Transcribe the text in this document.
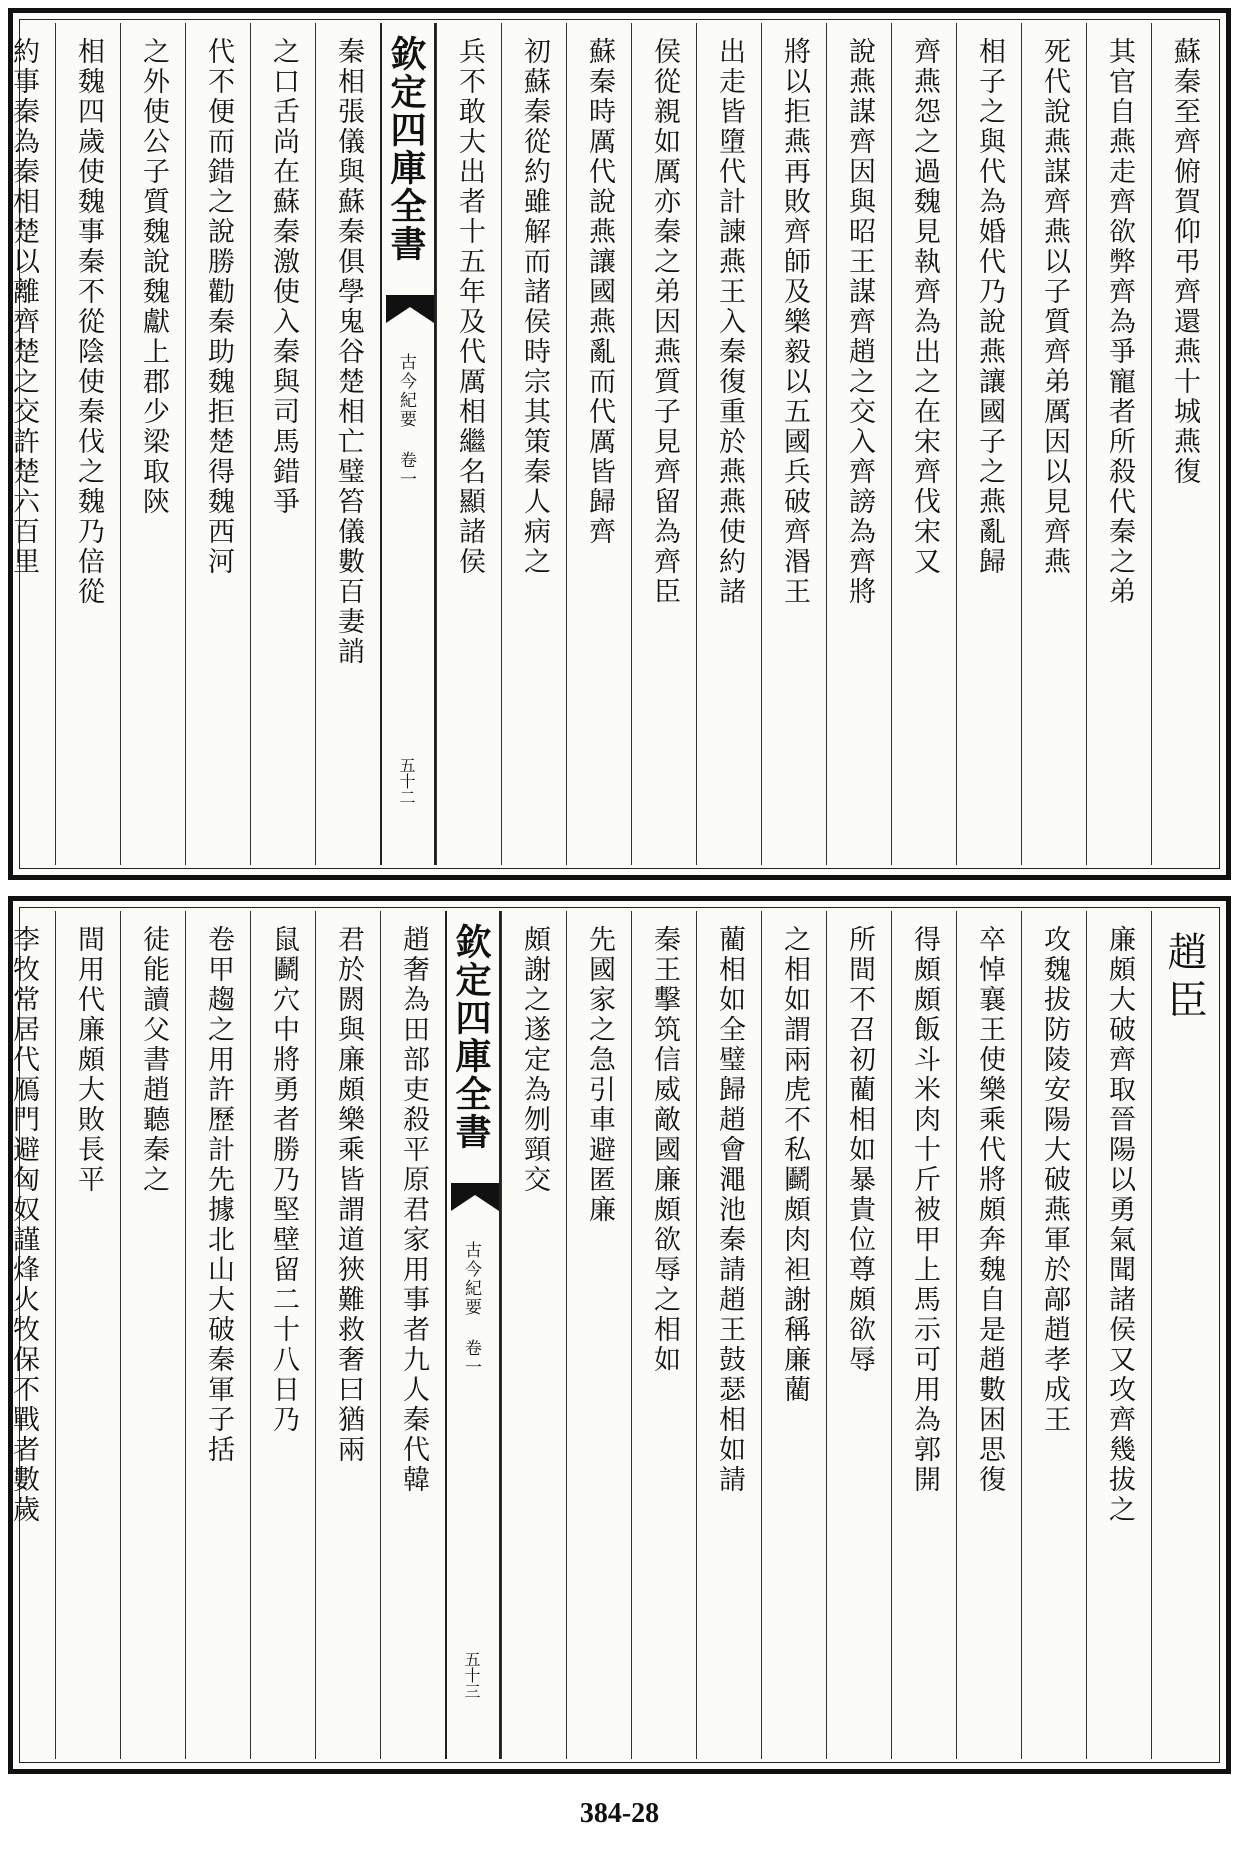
蘇秦至齊俯賀仰弔齊還燕十城燕復
其官自燕走齊欲弊齊為爭寵者所殺代秦之弟
死代說燕謀齊燕以子質齊弟厲因以見齊燕
相子之與代為婚代乃說燕讓國子之燕亂歸
齊燕怨之過魏見執齊為出之在宋齊伐宋又
說燕謀齊因與昭王謀齊趙之交入齊謗為齊將
將以拒燕再敗齊師及樂毅以五國兵破齊湣王
出走皆墮代計諫燕王入秦復重於燕燕使約諸
侯從親如厲亦秦之弟因燕質子見齊留為齊臣
蘇秦時厲代說燕讓國燕亂而代厲皆歸齊
初蘇秦從約雖解而諸侯時宗其策秦人病之
兵不敢大出者十五年及代厲相繼名顯諸侯
欽定四庫全書
古今紀要 卷一
五十二
秦相張儀與蘇秦俱學鬼谷楚相亡璧笞儀數百妻誚
之口舌尚在蘇秦激使入秦與司馬錯爭
代不便而錯之說勝勸秦助魏拒楚得魏西河
之外使公子質魏說魏獻上郡少梁取陝
相魏四歲使魏事秦不從陰使秦伐之魏乃倍從
約事秦為秦相楚以離齊楚之交許楚六百里
趙臣
廉頗大破齊取晉陽以勇氣聞諸侯又攻齊幾拔之
攻魏拔防陵安陽大破燕軍於鄗趙孝成王
卒悼襄王使樂乘代將頗奔魏自是趙數困思復
得頗頗飯斗米肉十斤被甲上馬示可用為郭開
所間不召初藺相如暴貴位尊頗欲辱
之相如謂兩虎不私鬬頗肉袒謝稱廉藺
藺相如全璧歸趙會澠池秦請趙王鼓瑟相如請
秦王擊筑信威敵國廉頗欲辱之相如
先國家之急引車避匿廉
頗謝之遂定為刎頸交
欽定四庫全書
古今紀要 卷一
五十三
趙奢為田部吏殺平原君家用事者九人秦代韓
君於閼與廉頗樂乘皆謂道狹難救奢曰猶兩
鼠鬬穴中將勇者勝乃堅壁留二十八日乃
卷甲趨之用許歷計先據北山大破秦軍子括
徒能讀父書趙聽秦之
間用代廉頗大敗長平
李牧常居代鴈門避匈奴謹烽火牧保不戰者數歲
384-28
